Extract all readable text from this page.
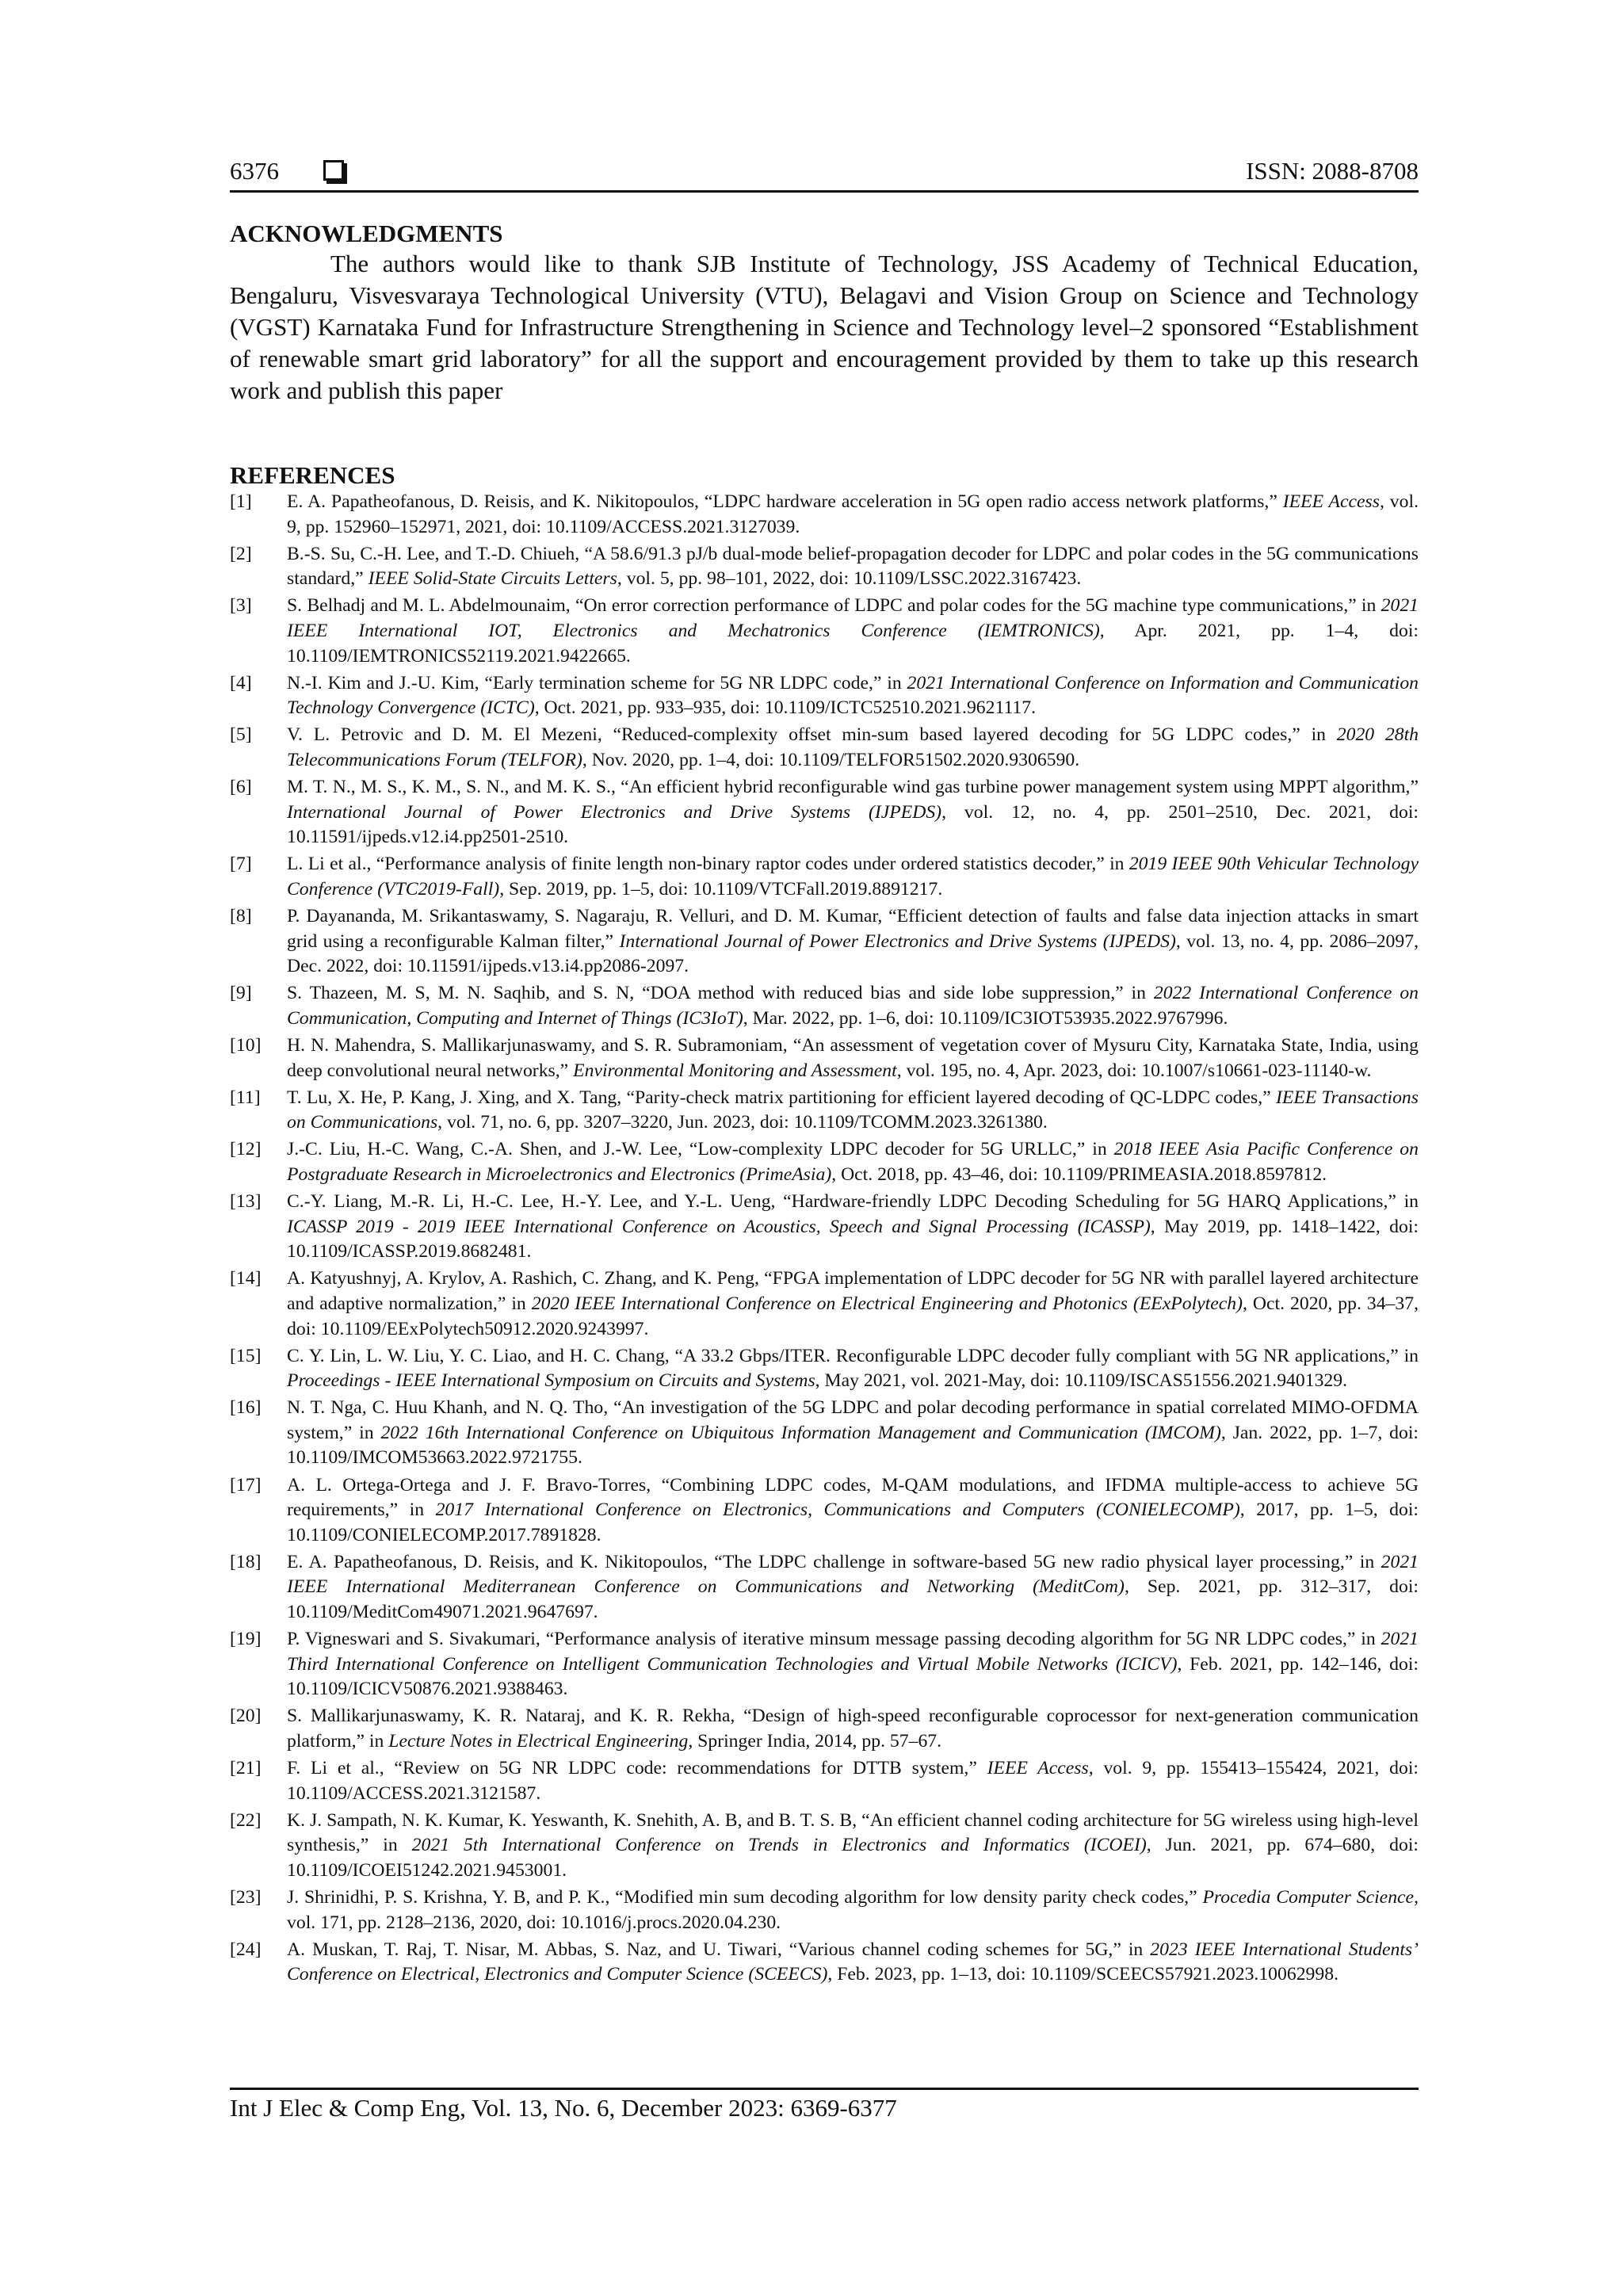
6376	ISSN: 2088-8708
ACKNOWLEDGMENTS
The authors would like to thank SJB Institute of Technology, JSS Academy of Technical Education, Bengaluru, Visvesvaraya Technological University (VTU), Belagavi and Vision Group on Science and Technology (VGST) Karnataka Fund for Infrastructure Strengthening in Science and Technology level–2 sponsored “Establishment of renewable smart grid laboratory” for all the support and encouragement provided by them to take up this research work and publish this paper
REFERENCES
[1] E. A. Papatheofanous, D. Reisis, and K. Nikitopoulos, “LDPC hardware acceleration in 5G open radio access network platforms,” IEEE Access, vol. 9, pp. 152960–152971, 2021, doi: 10.1109/ACCESS.2021.3127039.
[2] B.-S. Su, C.-H. Lee, and T.-D. Chiueh, “A 58.6/91.3 pJ/b dual-mode belief-propagation decoder for LDPC and polar codes in the 5G communications standard,” IEEE Solid-State Circuits Letters, vol. 5, pp. 98–101, 2022, doi: 10.1109/LSSC.2022.3167423.
[3] S. Belhadj and M. L. Abdelmounaim, “On error correction performance of LDPC and polar codes for the 5G machine type communications,” in 2021 IEEE International IOT, Electronics and Mechatronics Conference (IEMTRONICS), Apr. 2021, pp. 1–4, doi: 10.1109/IEMTRONICS52119.2021.9422665.
[4] N.-I. Kim and J.-U. Kim, “Early termination scheme for 5G NR LDPC code,” in 2021 International Conference on Information and Communication Technology Convergence (ICTC), Oct. 2021, pp. 933–935, doi: 10.1109/ICTC52510.2021.9621117.
[5] V. L. Petrovic and D. M. El Mezeni, “Reduced-complexity offset min-sum based layered decoding for 5G LDPC codes,” in 2020 28th Telecommunications Forum (TELFOR), Nov. 2020, pp. 1–4, doi: 10.1109/TELFOR51502.2020.9306590.
[6] M. T. N., M. S., K. M., S. N., and M. K. S., “An efficient hybrid reconfigurable wind gas turbine power management system using MPPT algorithm,” International Journal of Power Electronics and Drive Systems (IJPEDS), vol. 12, no. 4, pp. 2501–2510, Dec. 2021, doi: 10.11591/ijpeds.v12.i4.pp2501-2510.
[7] L. Li et al., “Performance analysis of finite length non-binary raptor codes under ordered statistics decoder,” in 2019 IEEE 90th Vehicular Technology Conference (VTC2019-Fall), Sep. 2019, pp. 1–5, doi: 10.1109/VTCFall.2019.8891217.
[8] P. Dayananda, M. Srikantaswamy, S. Nagaraju, R. Velluri, and D. M. Kumar, “Efficient detection of faults and false data injection attacks in smart grid using a reconfigurable Kalman filter,” International Journal of Power Electronics and Drive Systems (IJPEDS), vol. 13, no. 4, pp. 2086–2097, Dec. 2022, doi: 10.11591/ijpeds.v13.i4.pp2086-2097.
[9] S. Thazeen, M. S, M. N. Saqhib, and S. N, “DOA method with reduced bias and side lobe suppression,” in 2022 International Conference on Communication, Computing and Internet of Things (IC3IoT), Mar. 2022, pp. 1–6, doi: 10.1109/IC3IOT53935.2022.9767996.
[10] H. N. Mahendra, S. Mallikarjunaswamy, and S. R. Subramoniam, “An assessment of vegetation cover of Mysuru City, Karnataka State, India, using deep convolutional neural networks,” Environmental Monitoring and Assessment, vol. 195, no. 4, Apr. 2023, doi: 10.1007/s10661-023-11140-w.
[11] T. Lu, X. He, P. Kang, J. Xing, and X. Tang, “Parity-check matrix partitioning for efficient layered decoding of QC-LDPC codes,” IEEE Transactions on Communications, vol. 71, no. 6, pp. 3207–3220, Jun. 2023, doi: 10.1109/TCOMM.2023.3261380.
[12] J.-C. Liu, H.-C. Wang, C.-A. Shen, and J.-W. Lee, “Low-complexity LDPC decoder for 5G URLLC,” in 2018 IEEE Asia Pacific Conference on Postgraduate Research in Microelectronics and Electronics (PrimeAsia), Oct. 2018, pp. 43–46, doi: 10.1109/PRIMEASIA.2018.8597812.
[13] C.-Y. Liang, M.-R. Li, H.-C. Lee, H.-Y. Lee, and Y.-L. Ueng, “Hardware-friendly LDPC Decoding Scheduling for 5G HARQ Applications,” in ICASSP 2019 - 2019 IEEE International Conference on Acoustics, Speech and Signal Processing (ICASSP), May 2019, pp. 1418–1422, doi: 10.1109/ICASSP.2019.8682481.
[14] A. Katyushnyj, A. Krylov, A. Rashich, C. Zhang, and K. Peng, “FPGA implementation of LDPC decoder for 5G NR with parallel layered architecture and adaptive normalization,” in 2020 IEEE International Conference on Electrical Engineering and Photonics (EExPolytech), Oct. 2020, pp. 34–37, doi: 10.1109/EExPolytech50912.2020.9243997.
[15] C. Y. Lin, L. W. Liu, Y. C. Liao, and H. C. Chang, “A 33.2 Gbps/ITER. Reconfigurable LDPC decoder fully compliant with 5G NR applications,” in Proceedings - IEEE International Symposium on Circuits and Systems, May 2021, vol. 2021-May, doi: 10.1109/ISCAS51556.2021.9401329.
[16] N. T. Nga, C. Huu Khanh, and N. Q. Tho, “An investigation of the 5G LDPC and polar decoding performance in spatial correlated MIMO-OFDMA system,” in 2022 16th International Conference on Ubiquitous Information Management and Communication (IMCOM), Jan. 2022, pp. 1–7, doi: 10.1109/IMCOM53663.2022.9721755.
[17] A. L. Ortega-Ortega and J. F. Bravo-Torres, “Combining LDPC codes, M-QAM modulations, and IFDMA multiple-access to achieve 5G requirements,” in 2017 International Conference on Electronics, Communications and Computers (CONIELECOMP), 2017, pp. 1–5, doi: 10.1109/CONIELECOMP.2017.7891828.
[18] E. A. Papatheofanous, D. Reisis, and K. Nikitopoulos, “The LDPC challenge in software-based 5G new radio physical layer processing,” in 2021 IEEE International Mediterranean Conference on Communications and Networking (MeditCom), Sep. 2021, pp. 312–317, doi: 10.1109/MeditCom49071.2021.9647697.
[19] P. Vigneswari and S. Sivakumari, “Performance analysis of iterative minsum message passing decoding algorithm for 5G NR LDPC codes,” in 2021 Third International Conference on Intelligent Communication Technologies and Virtual Mobile Networks (ICICV), Feb. 2021, pp. 142–146, doi: 10.1109/ICICV50876.2021.9388463.
[20] S. Mallikarjunaswamy, K. R. Nataraj, and K. R. Rekha, “Design of high-speed reconfigurable coprocessor for next-generation communication platform,” in Lecture Notes in Electrical Engineering, Springer India, 2014, pp. 57–67.
[21] F. Li et al., “Review on 5G NR LDPC code: recommendations for DTTB system,” IEEE Access, vol. 9, pp. 155413–155424, 2021, doi: 10.1109/ACCESS.2021.3121587.
[22] K. J. Sampath, N. K. Kumar, K. Yeswanth, K. Snehith, A. B, and B. T. S. B, “An efficient channel coding architecture for 5G wireless using high-level synthesis,” in 2021 5th International Conference on Trends in Electronics and Informatics (ICOEI), Jun. 2021, pp. 674–680, doi: 10.1109/ICOEI51242.2021.9453001.
[23] J. Shrinidhi, P. S. Krishna, Y. B, and P. K., “Modified min sum decoding algorithm for low density parity check codes,” Procedia Computer Science, vol. 171, pp. 2128–2136, 2020, doi: 10.1016/j.procs.2020.04.230.
[24] A. Muskan, T. Raj, T. Nisar, M. Abbas, S. Naz, and U. Tiwari, “Various channel coding schemes for 5G,” in 2023 IEEE International Students’ Conference on Electrical, Electronics and Computer Science (SCEECS), Feb. 2023, pp. 1–13, doi: 10.1109/SCEECS57921.2023.10062998.
Int J Elec & Comp Eng, Vol. 13, No. 6, December 2023: 6369-6377
